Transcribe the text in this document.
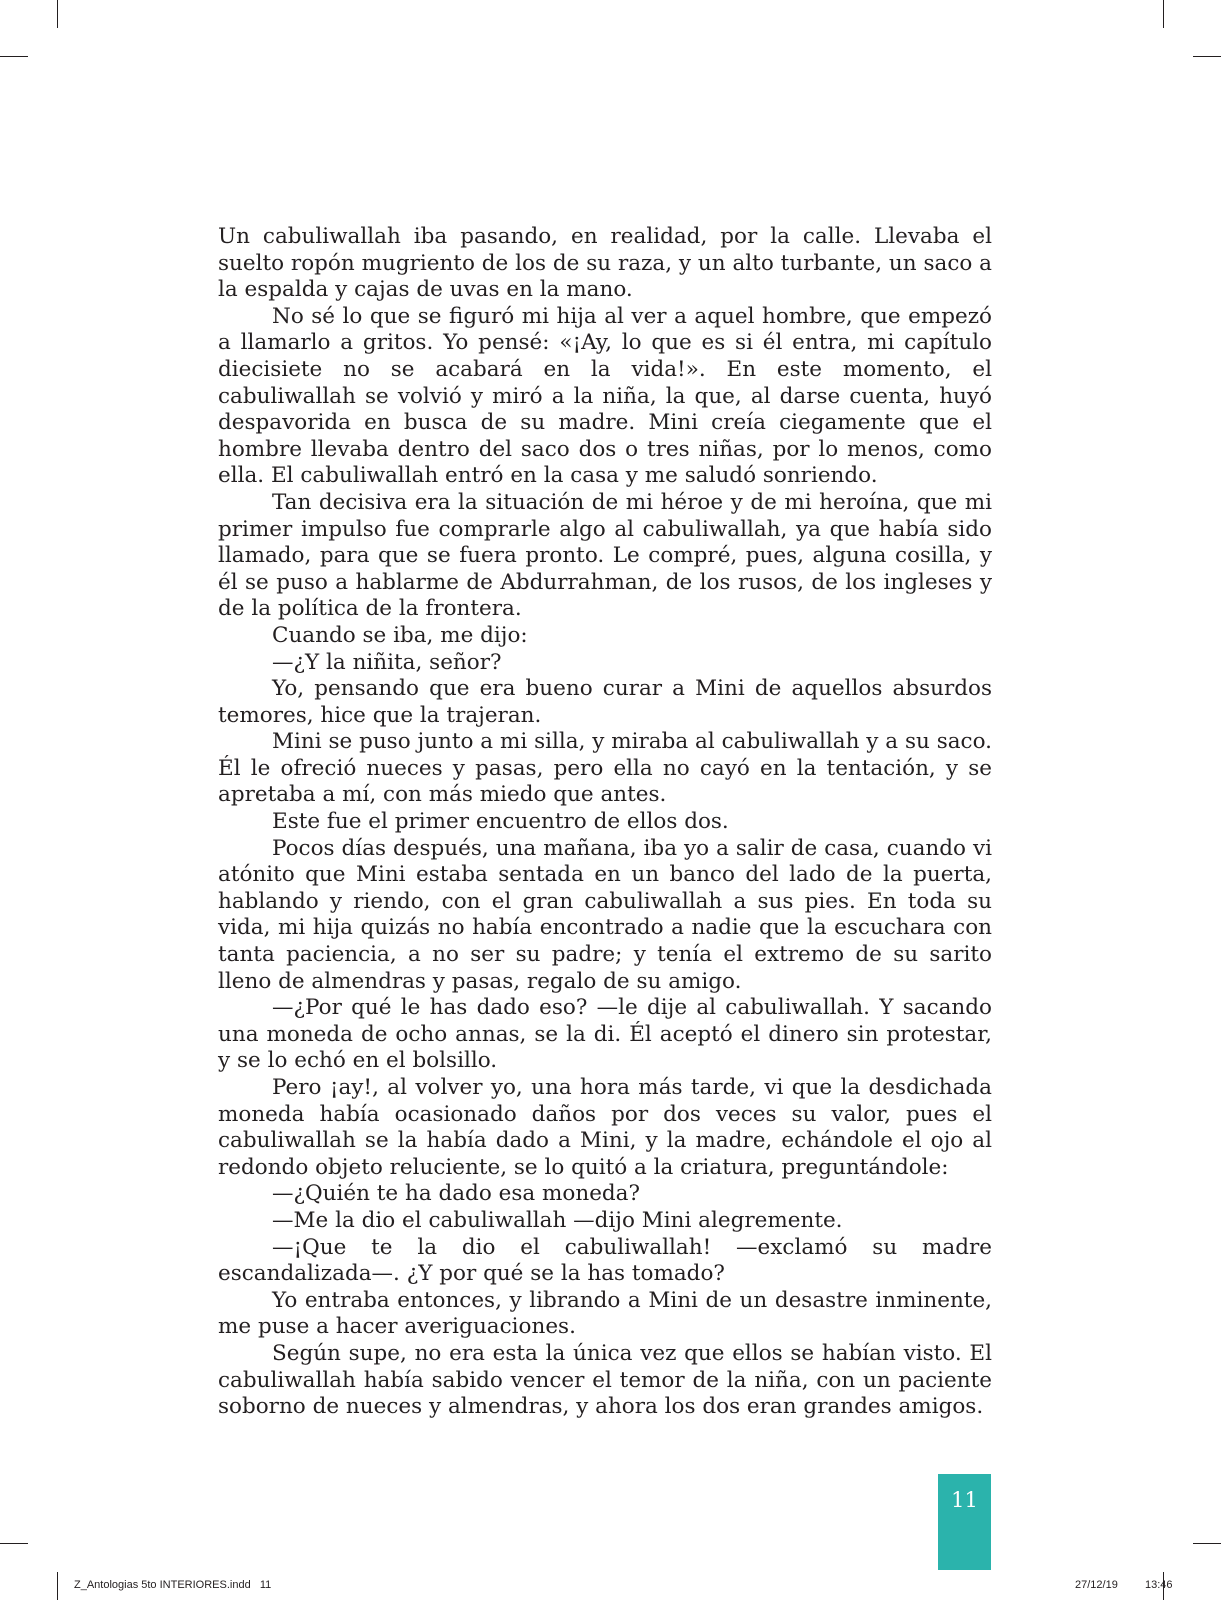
Un cabuliwallah iba pasando, en realidad, por la calle. Llevaba el suelto ropón mugriento de los de su raza, y un alto turbante, un saco a la espalda y cajas de uvas en la mano.

No sé lo que se figuró mi hija al ver a aquel hombre, que empezó a llamarlo a gritos. Yo pensé: «¡Ay, lo que es si él entra, mi capítulo diecisiete no se acabará en la vida!». En este momento, el cabuliwallah se volvió y miró a la niña, la que, al darse cuenta, huyó despavorida en busca de su madre. Mini creía ciegamente que el hombre llevaba dentro del saco dos o tres niñas, por lo menos, como ella. El cabuliwallah entró en la casa y me saludó sonriendo.

Tan decisiva era la situación de mi héroe y de mi heroína, que mi primer impulso fue comprarle algo al cabuliwallah, ya que había sido llamado, para que se fuera pronto. Le compré, pues, alguna cosilla, y él se puso a hablarme de Abdurrahman, de los rusos, de los ingleses y de la política de la frontera.

Cuando se iba, me dijo:

—¿Y la niñita, señor?

Yo, pensando que era bueno curar a Mini de aquellos absurdos temores, hice que la trajeran.

Mini se puso junto a mi silla, y miraba al cabuliwallah y a su saco. Él le ofreció nueces y pasas, pero ella no cayó en la tentación, y se apretaba a mí, con más miedo que antes.

Este fue el primer encuentro de ellos dos.

Pocos días después, una mañana, iba yo a salir de casa, cuando vi atónito que Mini estaba sentada en un banco del lado de la puerta, hablando y riendo, con el gran cabuliwallah a sus pies. En toda su vida, mi hija quizás no había encontrado a nadie que la escuchara con tanta paciencia, a no ser su padre; y tenía el extremo de su sarito lleno de almendras y pasas, regalo de su amigo.

—¿Por qué le has dado eso? —le dije al cabuliwallah. Y sacando una moneda de ocho annas, se la di. Él aceptó el dinero sin protestar, y se lo echó en el bolsillo.

Pero ¡ay!, al volver yo, una hora más tarde, vi que la desdichada moneda había ocasionado daños por dos veces su valor, pues el cabuliwallah se la había dado a Mini, y la madre, echándole el ojo al redondo objeto reluciente, se lo quitó a la criatura, preguntándole:

—¿Quién te ha dado esa moneda?

—Me la dio el cabuliwallah —dijo Mini alegremente.

—¡Que te la dio el cabuliwallah! —exclamó su madre escandalizada—. ¿Y por qué se la has tomado?

Yo entraba entonces, y librando a Mini de un desastre inminente, me puse a hacer averiguaciones.

Según supe, no era esta la única vez que ellos se habían visto. El cabuliwallah había sabido vencer el temor de la niña, con un paciente soborno de nueces y almendras, y ahora los dos eran grandes amigos.

11
Z_Antologias 5to INTERIORES.indd   11	27/12/19   13:46
